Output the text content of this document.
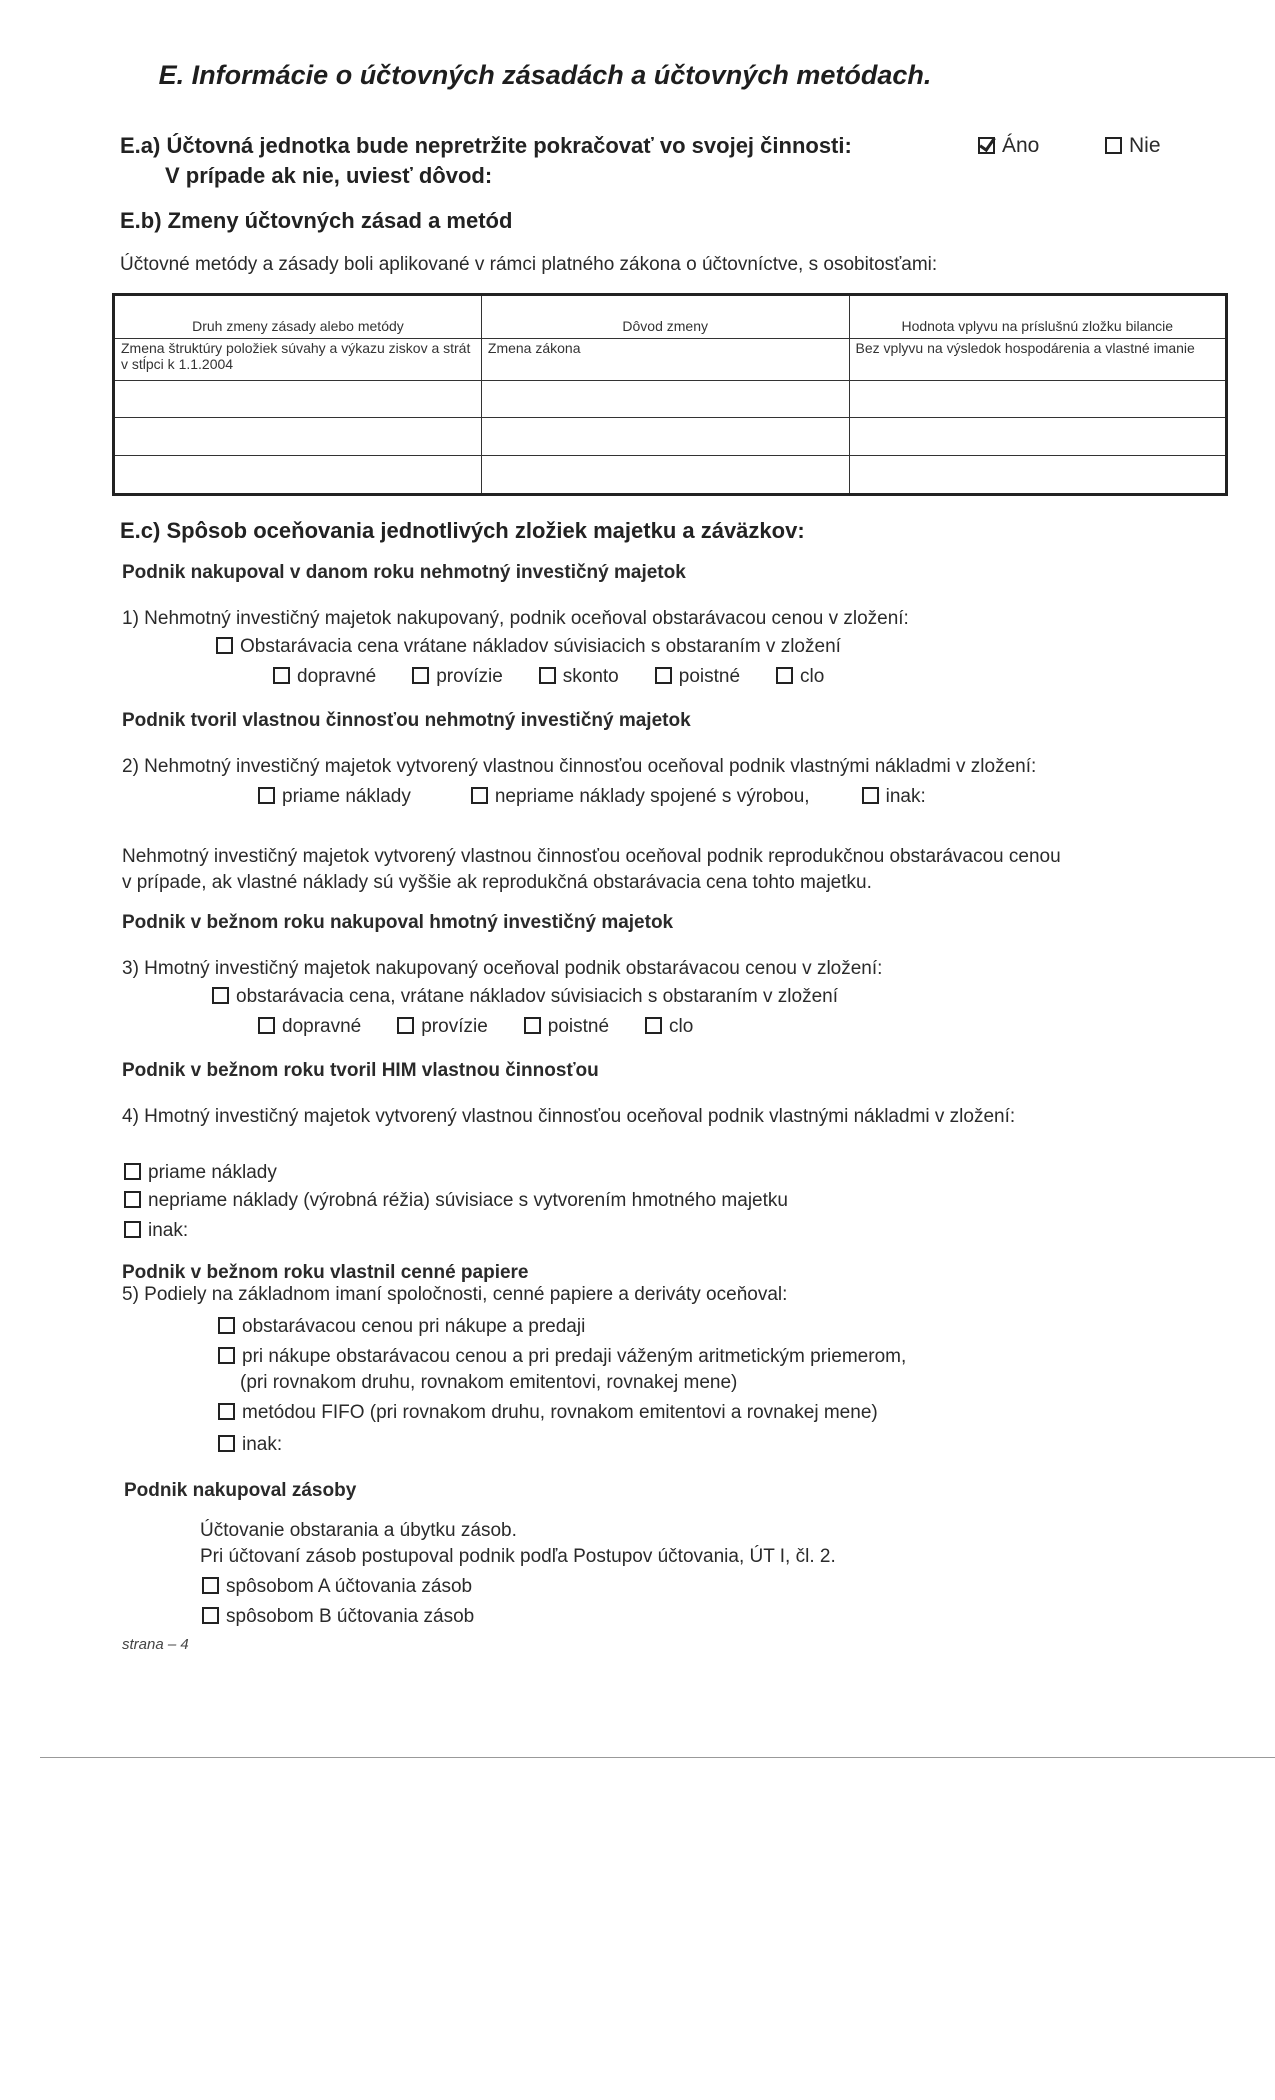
E. Informácie o účtovných zásadách a účtovných metódach.
E.a) Účtovná jednotka bude nepretržite pokračovať vo svojej činnosti:
V prípade ak nie, uviesť dôvod:
Áno	Nie
E.b) Zmeny účtovných zásad a metód
Účtovné metódy a zásady boli aplikované v rámci platného zákona o účtovníctve, s osobitosťami:
Druh zmeny zásady alebo metódy	Dôvod zmeny	Hodnota vplyvu na príslušnú zložku bilancie
Zmena štruktúry položiek súvahy a výkazu ziskov a strát v stĺpci k 1.1.2004	Zmena zákona	Bez vplyvu na výsledok hospodárenia a vlastné imanie

E.c) Spôsob oceňovania jednotlivých zložiek majetku a záväzkov:
Podnik nakupoval v danom roku nehmotný investičný majetok
1) Nehmotný investičný majetok nakupovaný, podnik oceňoval obstarávacou cenou v zložení:
Obstarávacia cena vrátane nákladov súvisiacich s obstaraním v zložení
dopravné	provízie	skonto	poistné	clo
Podnik tvoril vlastnou činnosťou nehmotný investičný majetok
2) Nehmotný investičný majetok vytvorený vlastnou činnosťou oceňoval podnik vlastnými nákladmi v zložení:
priame náklady	nepriame náklady spojené s výrobou,	inak:
Nehmotný investičný majetok vytvorený vlastnou činnosťou oceňoval podnik reprodukčnou obstarávacou cenou
v prípade, ak vlastné náklady sú vyššie ak reprodukčná obstarávacia cena tohto majetku.
Podnik v bežnom roku nakupoval hmotný investičný majetok
3) Hmotný investičný majetok nakupovaný oceňoval podnik obstarávacou cenou v zložení:
obstarávacia cena, vrátane nákladov súvisiacich s obstaraním v zložení
dopravné	provízie	poistné	clo
Podnik v bežnom roku tvoril HIM vlastnou činnosťou
4) Hmotný investičný majetok vytvorený vlastnou činnosťou oceňoval podnik vlastnými nákladmi v zložení:
priame náklady
nepriame náklady (výrobná réžia) súvisiace s vytvorením hmotného majetku
inak:
Podnik v bežnom roku vlastnil cenné papiere
5) Podiely na základnom imaní spoločnosti, cenné papiere a deriváty oceňoval:
obstarávacou cenou pri nákupe a predaji
pri nákupe obstarávacou cenou a pri predaji váženým aritmetickým priemerom,
(pri rovnakom druhu, rovnakom emitentovi, rovnakej mene)
metódou FIFO (pri rovnakom druhu, rovnakom emitentovi a rovnakej mene)
inak:
Podnik nakupoval zásoby
Účtovanie obstarania a úbytku zásob.
Pri účtovaní zásob postupoval podnik podľa Postupov účtovania, ÚT I, čl. 2.
spôsobom A účtovania zásob
spôsobom B účtovania zásob
strana – 4
